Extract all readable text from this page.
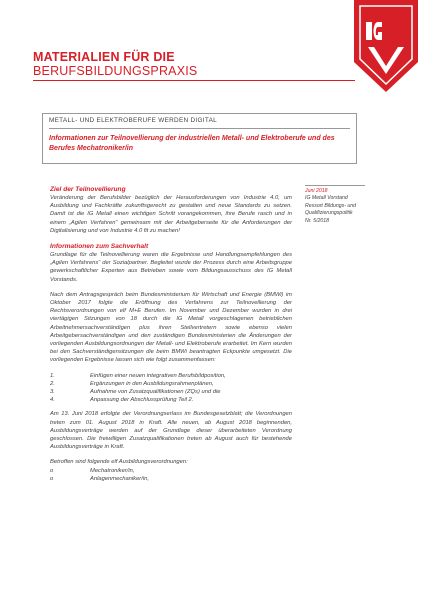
MATERIALIEN FÜR DIE
BERUFSBILDUNGSPRAXIS
METALL- UND ELEKTROBERUFE WERDEN DIGITAL
Informationen zur Teilnovellierung der industriellen Metall- und Elektroberufe und des Berufes Mechatroniker/in
Ziel der Teilnovellierung

Veränderung der Berufsbilder bezüglich der Herausforderungen von Industrie 4.0, um Ausbildung und Fachkräfte zukunftsgerecht zu gestalten und neue Standards zu setzen. Damit ist die IG Metall einen wichtigen Schritt vorangekommen, ihre Berufe rasch und in einem „Agilen Verfahren“ gemeinsam mit der Arbeitgeberseite für die Anforderungen der Digitalisierung und von Industrie 4.0 fit zu machen!

Informationen zum Sachverhalt

Grundlage für die Teilnovellierung waren die Ergebnisse und Handlungsempfehlungen des „Agilen Verfahrens“ der Sozialpartner. Begleitet wurde der Prozess durch eine Arbeitsgruppe gewerkschaftlicher Experten aus Betrieben sowie vom Bildungsausschuss des IG Metall Vorstands.

Nach dem Antragsgespräch beim Bundesministerium für Wirtschaft und Energie (BMWi) im Oktober 2017 folgte die Eröffnung des Verfahrens zur Teilnovellierung der Rechtsverordnungen von elf M+E Berufen. Im November und Dezember wurden in drei viertägigen Sitzungen von 18 durch die IG Metall vorgeschlagenen betrieblichen Arbeitnehmersachverständigen plus ihren Stellvertretern sowie ebenso vielen Arbeitgebersachverständigen und den zuständigen Bundesministerien die Änderungen der vorliegenden Ausbildungsordnungen der Metall- und Elektroberufe erarbeitet. Im Kern wurden bei den Sachverständigensitzungen die beim BMWi beantragten Eckpunkte umgesetzt. Die vorliegenden Ergebnisse lassen sich wie folgt zusammenfassen:

1.	Einfügen einer neuen integrativen Berufsbildposition,
2.	Ergänzungen in den Ausbildungsrahmenplänen,
3.	Aufnahme von Zusatzqualifikationen (ZQs) und die
4.	Anpassung der Abschlussprüfung Teil 2.

Am 13. Juni 2018 erfolgte der Verordnungserlass im Bundesgesetzblatt; die Verordnungen treten zum 01. August 2018 in Kraft. Alle neuen, ab August 2018 beginnenden, Ausbildungsverträge werden auf der Grundlage dieser überarbeiteten Verordnung geschlossen. Die freiwilligen Zusatzqualifikationen treten ab August auch für bestehende Ausbildungsverträge in Kraft.

Betroffen sind folgende elf Ausbildungsverordnungen:

o	Mechatroniker/in,
o	Anlagenmechaniker/in,
Juni 2018
IG Metall Vorstand
Ressort Bildungs- und
Qualifizierungspolitik
Nr. 5/2018
